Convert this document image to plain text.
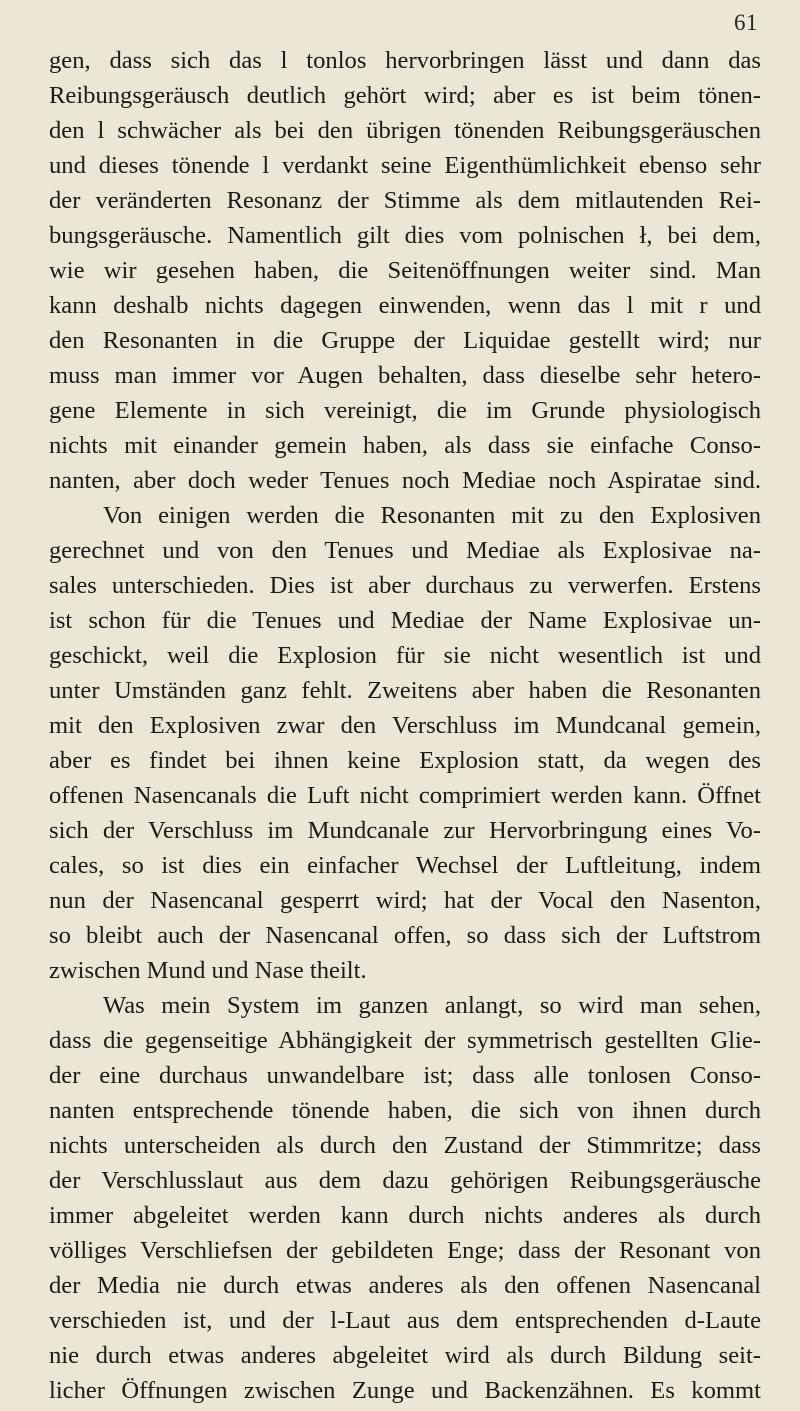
61
gen, dass sich das l tonlos hervorbringen lässt und dann das
Reibungsgeräusch deutlich gehört wird; aber es ist beim tönen-
den l schwächer als bei den übrigen tönenden Reibungsgeräuschen
und dieses tönende l verdankt seine Eigenthümlichkeit ebenso sehr
der veränderten Resonanz der Stimme als dem mitlautenden Rei-
bungsgeräusche. Namentlich gilt dies vom polnischen ł, bei dem,
wie wir gesehen haben, die Seitenöffnungen weiter sind. Man
kann deshalb nichts dagegen einwenden, wenn das l mit r und
den Resonanten in die Gruppe der Liquidae gestellt wird; nur
muss man immer vor Augen behalten, dass dieselbe sehr hetero-
gene Elemente in sich vereinigt, die im Grunde physiologisch
nichts mit einander gemein haben, als dass sie einfache Conso-
nanten, aber doch weder Tenues noch Mediae noch Aspiratae sind.
Von einigen werden die Resonanten mit zu den Explosiven
gerechnet und von den Tenues und Mediae als Explosivae na-
sales unterschieden. Dies ist aber durchaus zu verwerfen. Erstens
ist schon für die Tenues und Mediae der Name Explosivae un-
geschickt, weil die Explosion für sie nicht wesentlich ist und
unter Umständen ganz fehlt. Zweitens aber haben die Resonanten
mit den Explosiven zwar den Verschluss im Mundcanal gemein,
aber es findet bei ihnen keine Explosion statt, da wegen des
offenen Nasencanals die Luft nicht comprimiert werden kann. Öffnet
sich der Verschluss im Mundcanale zur Hervorbringung eines Vo-
cales, so ist dies ein einfacher Wechsel der Luftleitung, indem
nun der Nasencanal gesperrt wird; hat der Vocal den Nasenton,
so bleibt auch der Nasencanal offen, so dass sich der Luftstrom
zwischen Mund und Nase theilt.
Was mein System im ganzen anlangt, so wird man sehen,
dass die gegenseitige Abhängigkeit der symmetrisch gestellten Glie-
der eine durchaus unwandelbare ist; dass alle tonlosen Conso-
nanten entsprechende tönende haben, die sich von ihnen durch
nichts unterscheiden als durch den Zustand der Stimmritze; dass
der Verschlusslaut aus dem dazu gehörigen Reibungsgeräusche
immer abgeleitet werden kann durch nichts anderes als durch
völliges Verschliefsen der gebildeten Enge; dass der Resonant von
der Media nie durch etwas anderes als den offenen Nasencanal
verschieden ist, und der l-Laut aus dem entsprechenden d-Laute
nie durch etwas anderes abgeleitet wird als durch Bildung seit-
licher Öffnungen zwischen Zunge und Backenzähnen. Es kommt
